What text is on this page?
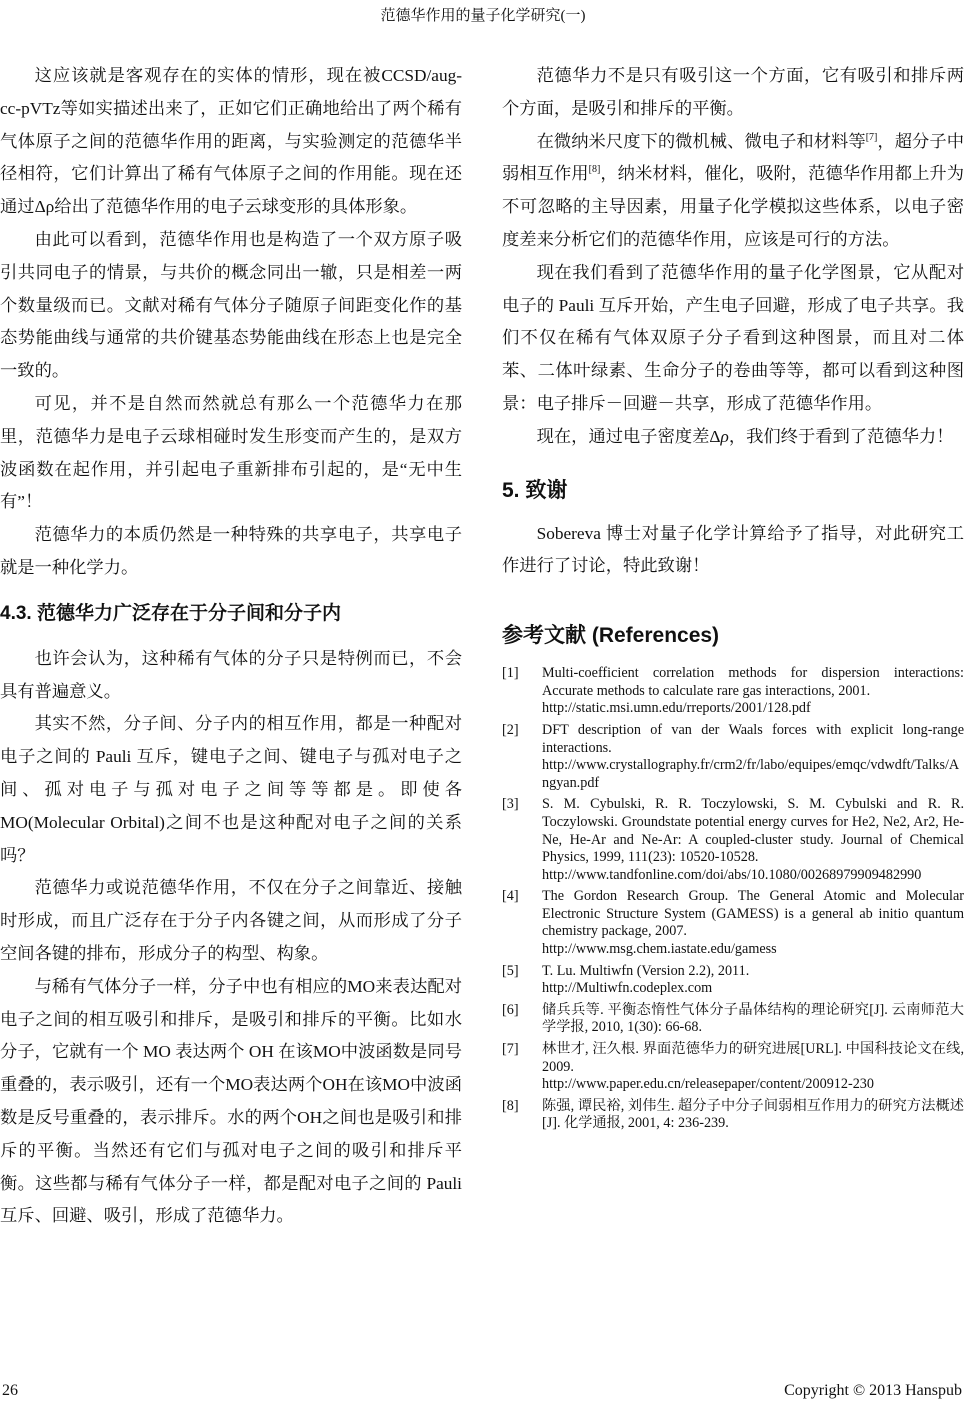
范德华作用的量子化学研究(一)

这应该就是客观存在的实体的情形，现在被CCSD/aug-cc-pVTz等如实描述出来了，正如它们正确地给出了两个稀有气体原子之间的范德华作用的距离，与实验测定的范德华半径相符，它们计算出了稀有气体原子之间的作用能。现在还通过Δρ给出了范德华作用的电子云球变形的具体形象。

由此可以看到，范德华作用也是构造了一个双方原子吸引共同电子的情景，与共价的概念同出一辙，只是相差一两个数量级而已。文献对稀有气体分子随原子间距变化作的基态势能曲线与通常的共价键基态势能曲线在形态上也是完全一致的。

可见，并不是自然而然就总有那么一个范德华力在那里，范德华力是电子云球相碰时发生形变而产生的，是双方波函数在起作用，并引起电子重新排布引起的，是“无中生有”！

范德华力的本质仍然是一种特殊的共享电子，共享电子就是一种化学力。

4.3. 范德华力广泛存在于分子间和分子内

也许会认为，这种稀有气体的分子只是特例而已，不会具有普遍意义。

其实不然，分子间、分子内的相互作用，都是一种配对电子之间的 Pauli 互斥，键电子之间、键电子与孤对电子之间、孤对电子与孤对电子之间等等都是。即使各 MO(Molecular Orbital)之间不也是这种配对电子之间的关系吗？

范德华力或说范德华作用，不仅在分子之间靠近、接触时形成，而且广泛存在于分子内各键之间，从而形成了分子空间各键的排布，形成分子的构型、构象。

与稀有气体分子一样，分子中也有相应的MO来表达配对电子之间的相互吸引和排斥，是吸引和排斥的平衡。比如水分子，它就有一个 MO 表达两个 OH 在该MO中波函数是同号重叠的，表示吸引，还有一个MO表达两个OH在该MO中波函数是反号重叠的，表示排斥。水的两个OH之间也是吸引和排斥的平衡。当然还有它们与孤对电子之间的吸引和排斥平衡。这些都与稀有气体分子一样，都是配对电子之间的 Pauli 互斥、回避、吸引，形成了范德华力。

范德华力不是只有吸引这一个方面，它有吸引和排斥两个方面，是吸引和排斥的平衡。

在微纳米尺度下的微机械、微电子和材料等[7]，超分子中弱相互作用[8]，纳米材料，催化，吸附，范德华作用都上升为不可忽略的主导因素，用量子化学模拟这些体系，以电子密度差来分析它们的范德华作用，应该是可行的方法。

现在我们看到了范德华作用的量子化学图景，它从配对电子的 Pauli 互斥开始，产生电子回避，形成了电子共享。我们不仅在稀有气体双原子分子看到这种图景，而且对二体苯、二体叶绿素、生命分子的卷曲等等，都可以看到这种图景：电子排斥－回避－共享，形成了范德华作用。

现在，通过电子密度差Δρ，我们终于看到了范德华力！

5. 致谢

Sobereva 博士对量子化学计算给予了指导，对此研究工作进行了讨论，特此致谢！

参考文献 (References)
[1]	Multi-coefficient correlation methods for dispersion interactions: Accurate methods to calculate rare gas interactions, 2001.
http://static.msi.umn.edu/rreports/2001/128.pdf
[2]	DFT description of van der Waals forces with explicit long-range interactions.
http://www.crystallography.fr/crm2/fr/labo/equipes/emqc/vdwdft/Talks/Angyan.pdf
[3]	S. M. Cybulski, R. R. Toczylowski, S. M. Cybulski and R. R. Toczylowski. Groundstate potential energy curves for He2, Ne2, Ar2, He-Ne, He-Ar and Ne-Ar: A coupled-cluster study. Journal of Chemical Physics, 1999, 111(23): 10520-10528.
http://www.tandfonline.com/doi/abs/10.1080/00268979909482990
[4]	The Gordon Research Group. The General Atomic and Molecular Electronic Structure System (GAMESS) is a general ab initio quantum chemistry package, 2007.
http://www.msg.chem.iastate.edu/gamess
[5]	T. Lu. Multiwfn (Version 2.2), 2011.
http://Multiwfn.codeplex.com
[6]	储兵兵等. 平衡态惰性气体分子晶体结构的理论研究[J]. 云南师范大学学报, 2010, 1(30): 66-68.
[7]	林世才, 汪久根. 界面范德华力的研究进展[URL]. 中国科技论文在线, 2009.
http://www.paper.edu.cn/releasepaper/content/200912-230
[8]	陈强, 谭民裕, 刘伟生. 超分子中分子间弱相互作用力的研究方法概述[J]. 化学通报, 2001, 4: 236-239.
26	Copyright © 2013 Hanspub
